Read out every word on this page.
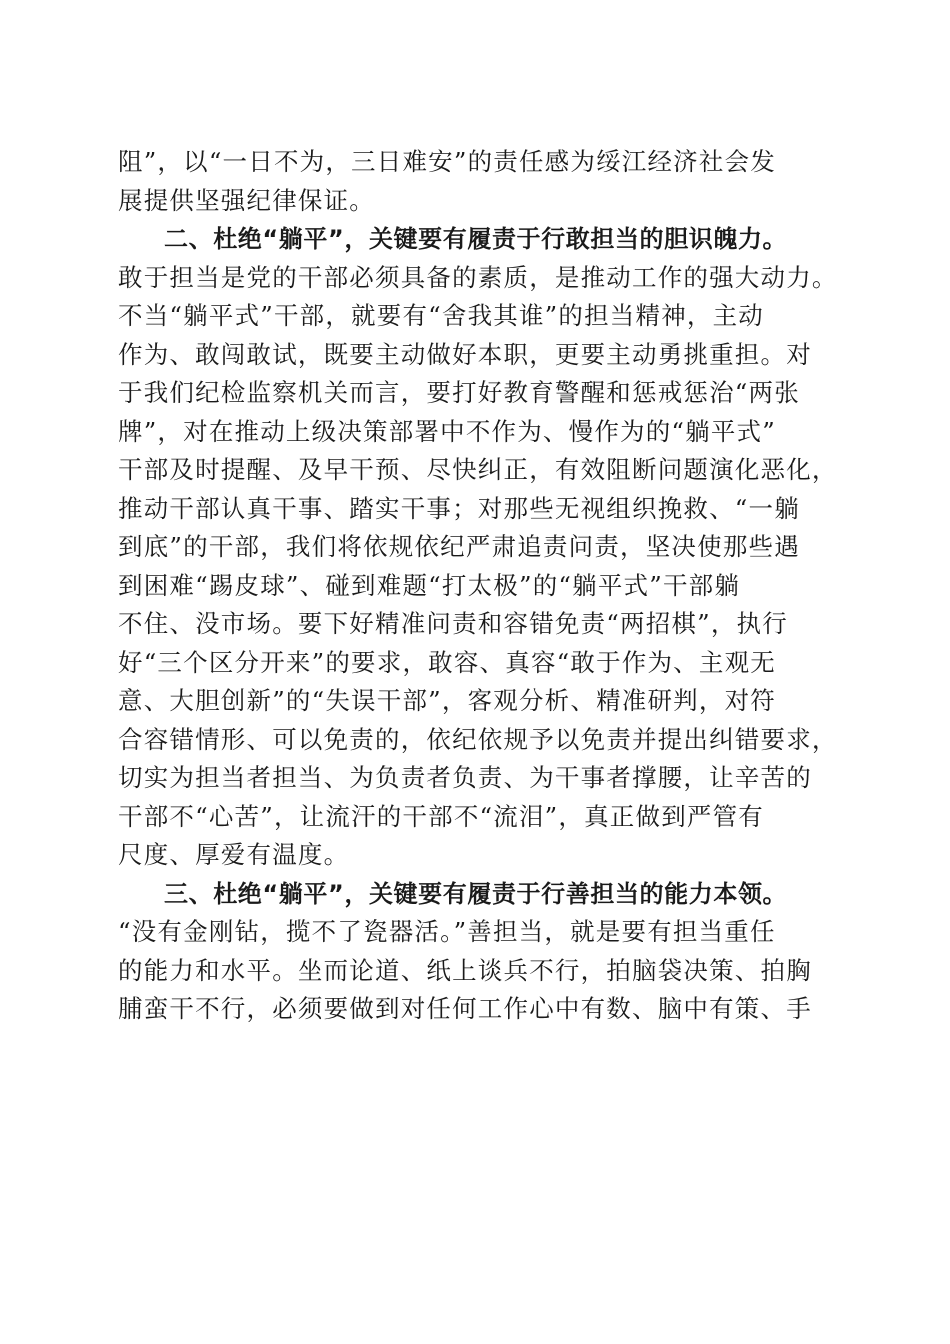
阻”，以“一日不为，三日难安”的责任感为绥江经济社会发
展提供坚强纪律保证。
二、杜绝“躺平”，关键要有履责于行敢担当的胆识魄力。
敢于担当是党的干部必须具备的素质，是推动工作的强大动力。
不当“躺平式”干部，就要有“舍我其谁”的担当精神，主动
作为、敢闯敢试，既要主动做好本职，更要主动勇挑重担。对
于我们纪检监察机关而言，要打好教育警醒和惩戒惩治“两张
牌”，对在推动上级决策部署中不作为、慢作为的“躺平式”
干部及时提醒、及早干预、尽快纠正，有效阻断问题演化恶化，
推动干部认真干事、踏实干事；对那些无视组织挽救、“一躺
到底”的干部，我们将依规依纪严肃追责问责，坚决使那些遇
到困难“踢皮球”、碰到难题“打太极”的“躺平式”干部躺
不住、没市场。要下好精准问责和容错免责“两招棋”，执行
好“三个区分开来”的要求，敢容、真容“敢于作为、主观无
意、大胆创新”的“失误干部”，客观分析、精准研判，对符
合容错情形、可以免责的，依纪依规予以免责并提出纠错要求，
切实为担当者担当、为负责者负责、为干事者撑腰，让辛苦的
干部不“心苦”，让流汗的干部不“流泪”，真正做到严管有
尺度、厚爱有温度。
三、杜绝“躺平”，关键要有履责于行善担当的能力本领。
“没有金刚钻，揽不了瓷器活。”善担当，就是要有担当重任
的能力和水平。坐而论道、纸上谈兵不行，拍脑袋决策、拍胸
脯蛮干不行，必须要做到对任何工作心中有数、脑中有策、手
